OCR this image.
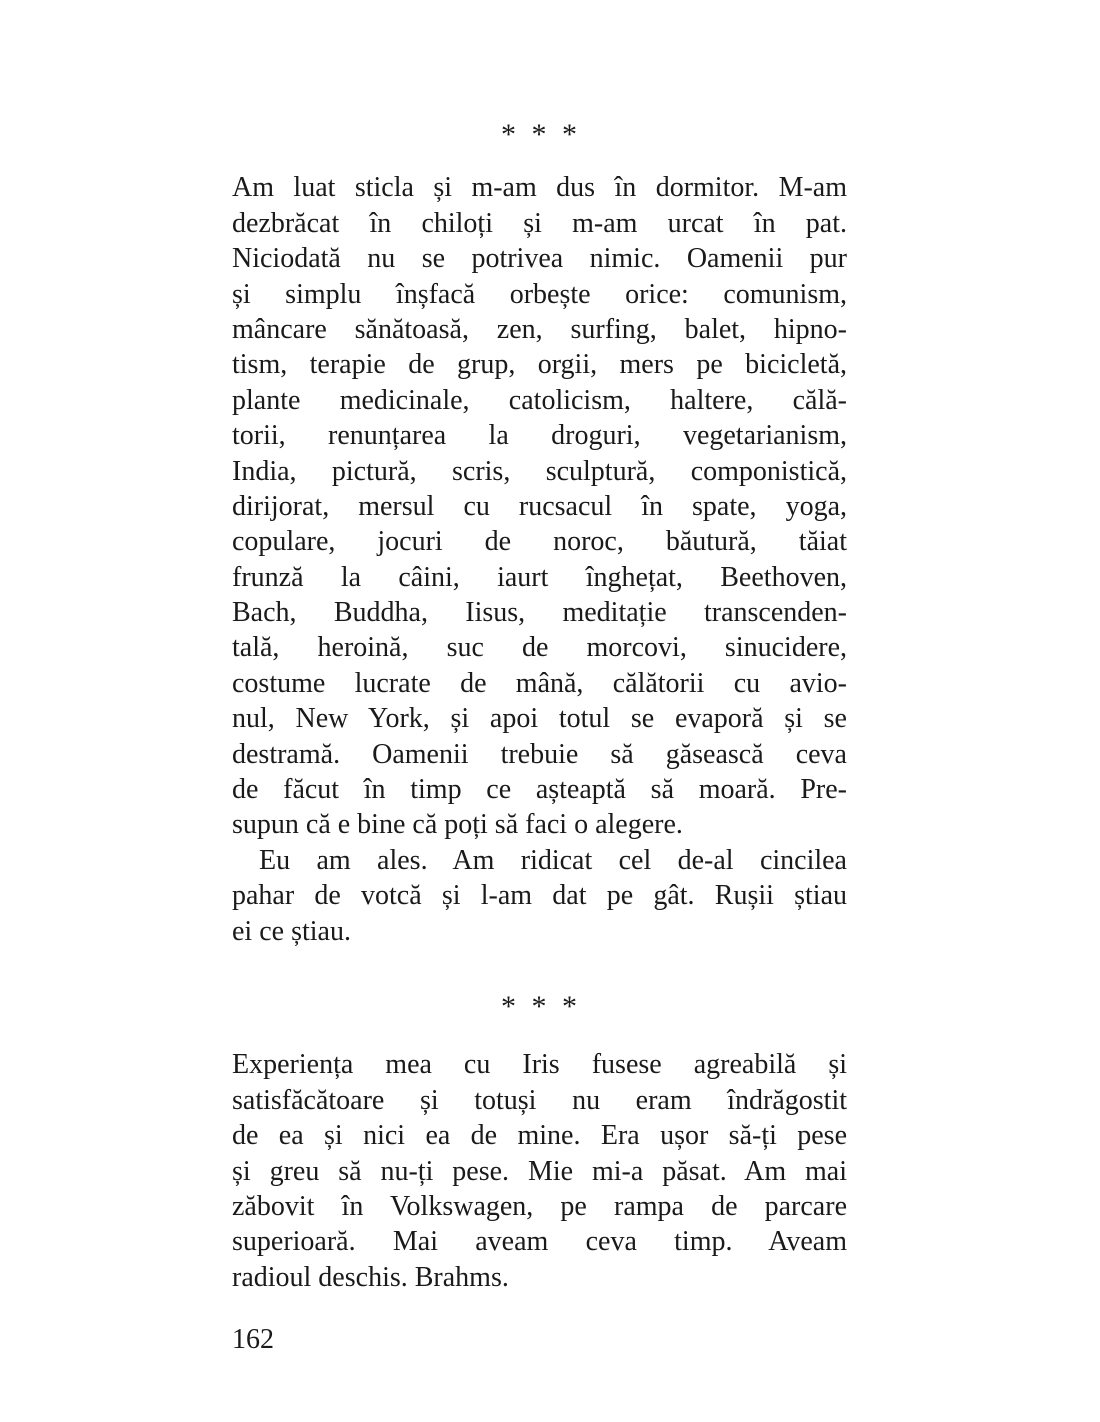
* * *
Am luat sticla și m-am dus în dormitor. M-am
dezbrăcat în chiloți și m-am urcat în pat.
Niciodată nu se potrivea nimic. Oamenii pur
și simplu înșfacă orbește orice: comunism,
mâncare sănătoasă, zen, surfing, balet, hipno-
tism, terapie de grup, orgii, mers pe bicicletă,
plante medicinale, catolicism, haltere, călă-
torii, renunțarea la droguri, vegetarianism,
India, pictură, scris, sculptură, componistică,
dirijorat, mersul cu rucsacul în spate, yoga,
copulare, jocuri de noroc, băutură, tăiat
frunză la câini, iaurt înghețat, Beethoven,
Bach, Buddha, Iisus, meditație transcenden-
tală, heroină, suc de morcovi, sinucidere,
costume lucrate de mână, călătorii cu avio-
nul, New York, și apoi totul se evaporă și se
destramă. Oamenii trebuie să găsească ceva
de făcut în timp ce așteaptă să moară. Pre-
supun că e bine că poți să faci o alegere.
Eu am ales. Am ridicat cel de-al cincilea
pahar de votcă și l-am dat pe gât. Rușii știau
ei ce știau.
* * *
Experiența mea cu Iris fusese agreabilă și
satisfăcătoare și totuși nu eram îndrăgostit
de ea și nici ea de mine. Era ușor să-ți pese
și greu să nu-ți pese. Mie mi-a păsat. Am mai
zăbovit în Volkswagen, pe rampa de parcare
superioară. Mai aveam ceva timp. Aveam
radioul deschis. Brahms.
162
